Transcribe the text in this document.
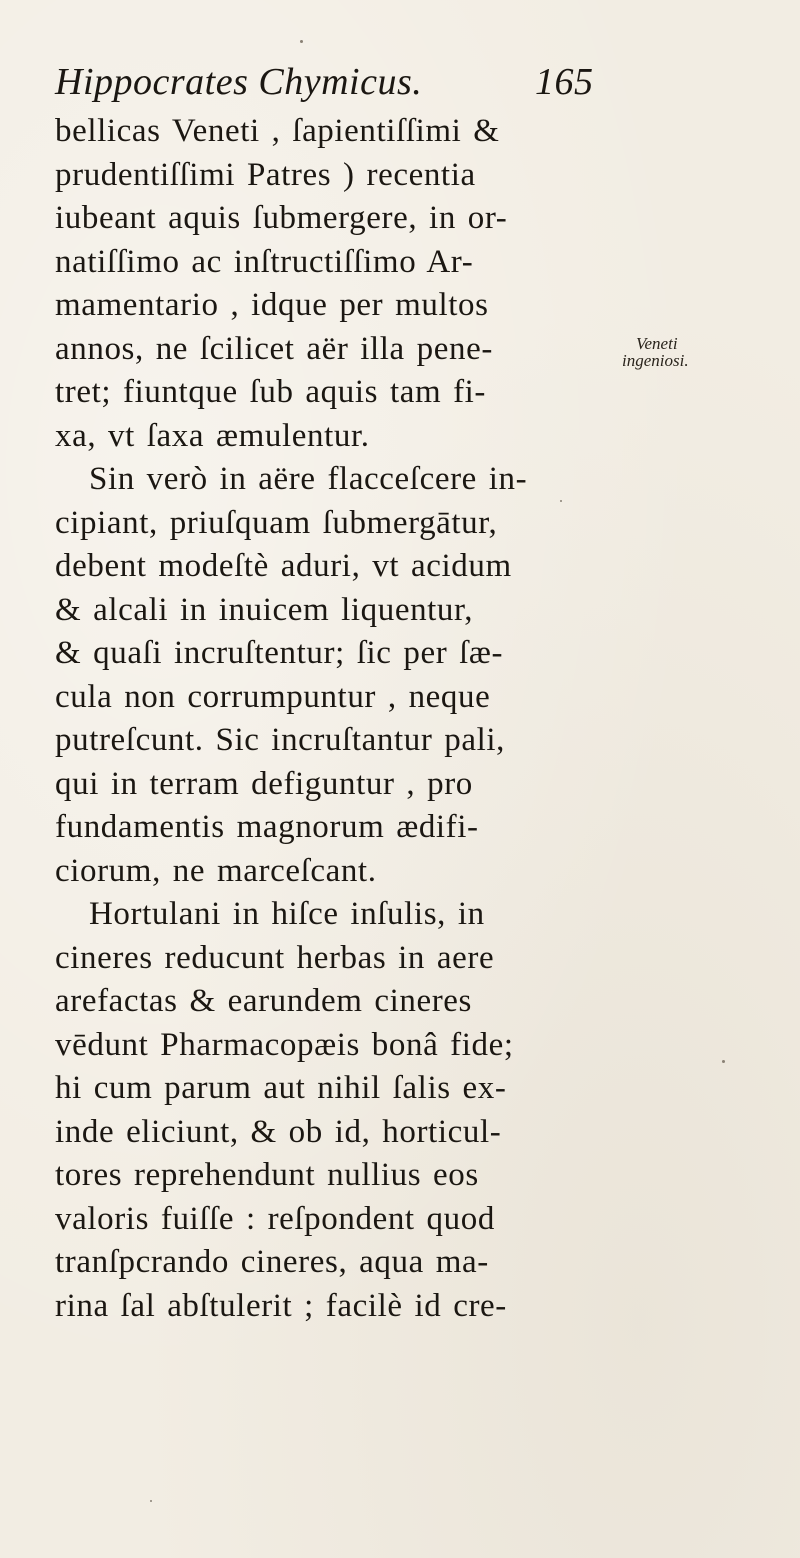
Hippocrates Chymicus.	165
bellicas Veneti , ſapientiſſimi &
prudentiſſimi Patres ) recentia
iubeant aquis ſubmergere, in or-
natiſſimo ac inſtructiſſimo Ar-
mamentario , idque per multos
annos, ne ſcilicet aër illa pene-
tret; fiuntque ſub aquis tam fi-
xa, vt ſaxa æmulentur.
Sin verò in aëre flacceſcere in-
cipiant, priuſquam ſubmergātur,
debent modeſtè aduri, vt acidum
& alcali in inuicem liquentur,
& quaſi incruſtentur; ſic per ſæ-
cula non corrumpuntur , neque
putreſcunt. Sic incruſtantur pali,
qui in terram defiguntur , pro
fundamentis magnorum ædifi-
ciorum, ne marceſcant.
Hortulani in hiſce inſulis, in
cineres reducunt herbas in aere
arefactas & earundem cineres
vēdunt Pharmacopæis bonâ fide;
hi cum parum aut nihil ſalis ex-
inde eliciunt, & ob id, horticul-
tores reprehendunt nullius eos
valoris fuiſſe : reſpondent quod
tranſpcrando cineres, aqua ma-
rina ſal abſtulerit ; facilè id cre-
Veneti
ingeniosi.
